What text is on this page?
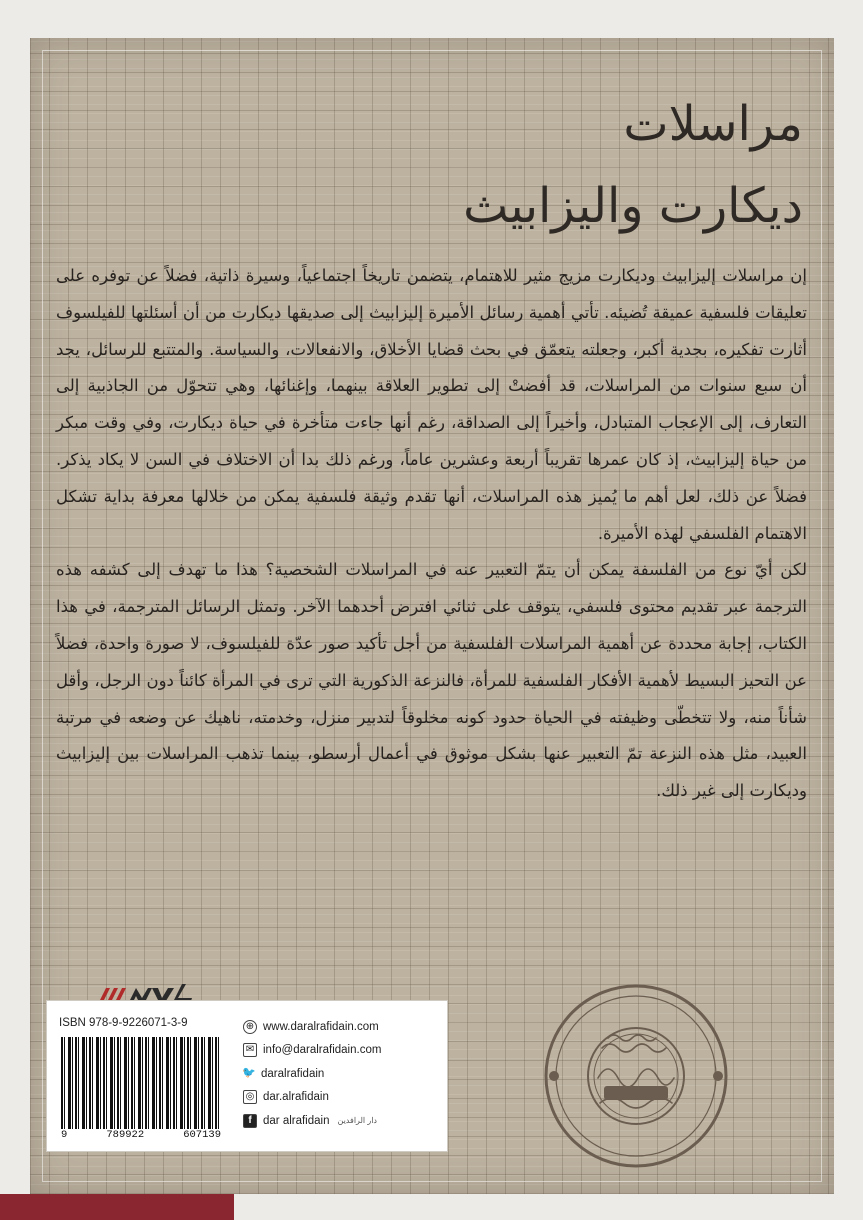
مراسلات
ديكارت واليزابيث

إن مراسلات إليزابيث وديكارت مزيج مثير للاهتمام، يتضمن تاريخاً اجتماعياً، وسيرة ذاتية، فضلاً عن توفره على تعليقات فلسفية عميقة تُضيئه. تأتي أهمية رسائل الأميرة إليزابيث إلى صديقها ديكارت من أن أسئلتها للفيلسوف أثارت تفكيره، بجدية أكبر، وجعلته يتعمّق في بحث قضايا الأخلاق، والانفعالات، والسياسة. والمتتبع للرسائل، يجد أن سبع سنوات من المراسلات، قد أفضتْ إلى تطوير العلاقة بينهما، وإغنائها، وهي تتحوّل من الجاذبية إلى التعارف، إلى الإعجاب المتبادل، وأخيراً إلى الصداقة، رغم أنها جاءت متأخرة في حياة ديكارت، وفي وقت مبكر من حياة إليزابيث، إذ كان عمرها تقريباً أربعة وعشرين عاماً، ورغم ذلك بدا أن الاختلاف في السن لا يكاد يذكر. فضلاً عن ذلك، لعل أهم ما يُميز هذه المراسلات، أنها تقدم وثيقة فلسفية يمكن من خلالها معرفة بداية تشكل الاهتمام الفلسفي لهذه الأميرة.

لكن أيّ نوع من الفلسفة يمكن أن يتمّ التعبير عنه في المراسلات الشخصية؟ هذا ما تهدف إلى كشفه هذه الترجمة عبر تقديم محتوى فلسفي، يتوقف على ثنائي افترض أحدهما الآخر. وتمثل الرسائل المترجمة، في هذا الكتاب، إجابة محددة عن أهمية المراسلات الفلسفية من أجل تأكيد صور عدّة للفيلسوف، لا صورة واحدة، فضلاً عن التحيز البسيط لأهمية الأفكار الفلسفية للمرأة، فالنزعة الذكورية التي ترى في المرأة كائناً دون الرجل، وأقل شأناً منه، ولا تتخطّى وظيفته في الحياة حدود كونه مخلوقاً لتدبير منزل، وخدمته، ناهيك عن وضعه في مرتبة العبيد، مثل هذه النزعة تمّ التعبير عنها بشكل موثوق في أعمال أرسطو، بينما تذهب المراسلات بين إليزابيث وديكارت إلى غير ذلك.

ISBN 978-9-9226071-3-9
9	789922	607139
⊕ www.daralrafidain.com
✉ info@daralrafidain.com
🐦 daralrafidain
◎ dar.alrafidain
f dar alrafidain دار الرافدين
